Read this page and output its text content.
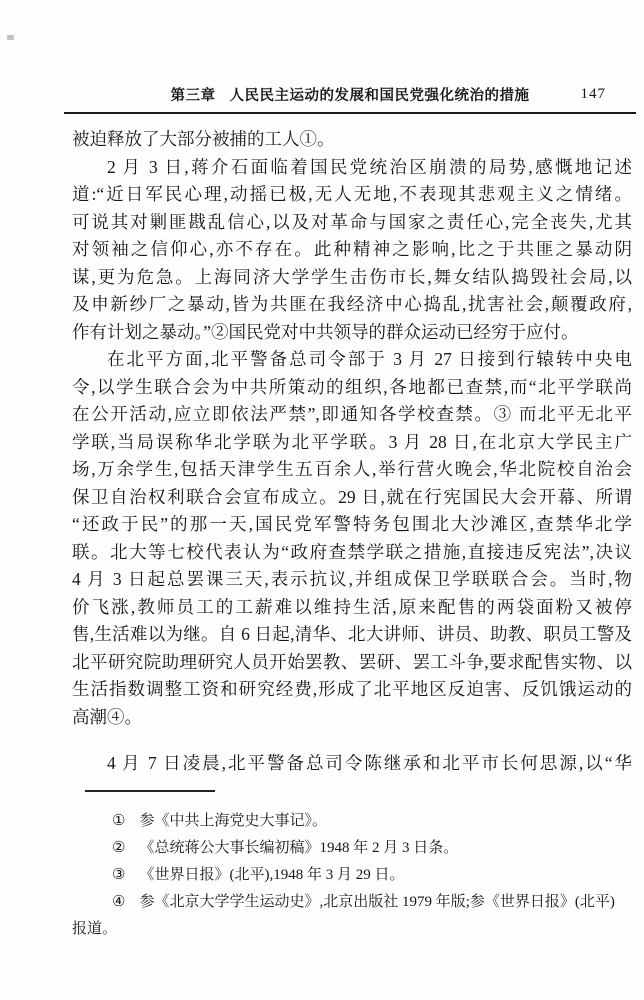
第三章 人民民主运动的发展和国民党强化统治的措施	147
被迫释放了大部分被捕的工人①。
2 月 3 日,蒋介石面临着国民党统治区崩溃的局势,感慨地记述
道:“近日军民心理,动摇已极,无人无地,不表现其悲观主义之情绪。
可说其对剿匪戡乱信心,以及对革命与国家之责任心,完全丧失,尤其
对领袖之信仰心,亦不存在。此种精神之影响,比之于共匪之暴动阴
谋,更为危急。上海同济大学学生击伤市长,舞女结队捣毁社会局,以
及申新纱厂之暴动,皆为共匪在我经济中心捣乱,扰害社会,颠覆政府,
作有计划之暴动。”②国民党对中共领导的群众运动已经穷于应付。
在北平方面,北平警备总司令部于 3 月 27 日接到行辕转中央电
令,以学生联合会为中共所策动的组织,各地都已查禁,而“北平学联尚
在公开活动,应立即依法严禁”,即通知各学校查禁。③ 而北平无北平
学联,当局误称华北学联为北平学联。3 月 28 日,在北京大学民主广
场,万余学生,包括天津学生五百余人,举行营火晚会,华北院校自治会
保卫自治权利联合会宣布成立。29 日,就在行宪国民大会开幕、所谓
“还政于民”的那一天,国民党军警特务包围北大沙滩区,查禁华北学
联。北大等七校代表认为“政府查禁学联之措施,直接违反宪法”,决议
4 月 3 日起总罢课三天,表示抗议,并组成保卫学联联合会。当时,物
价飞涨,教师员工的工薪难以维持生活,原来配售的两袋面粉又被停
售,生活难以为继。自 6 日起,清华、北大讲师、讲员、助教、职员工警及
北平研究院助理研究人员开始罢教、罢研、罢工斗争,要求配售实物、以
生活指数调整工资和研究经费,形成了北平地区反迫害、反饥饿运动的
高潮④。
4 月 7 日凌晨,北平警备总司令陈继承和北平市长何思源,以“华
① 参《中共上海党史大事记》。
② 《总统蒋公大事长编初稿》1948 年 2 月 3 日条。
③ 《世界日报》(北平),1948 年 3 月 29 日。
④ 参《北京大学学生运动史》,北京出版社 1979 年版;参《世界日报》(北平)
报道。
